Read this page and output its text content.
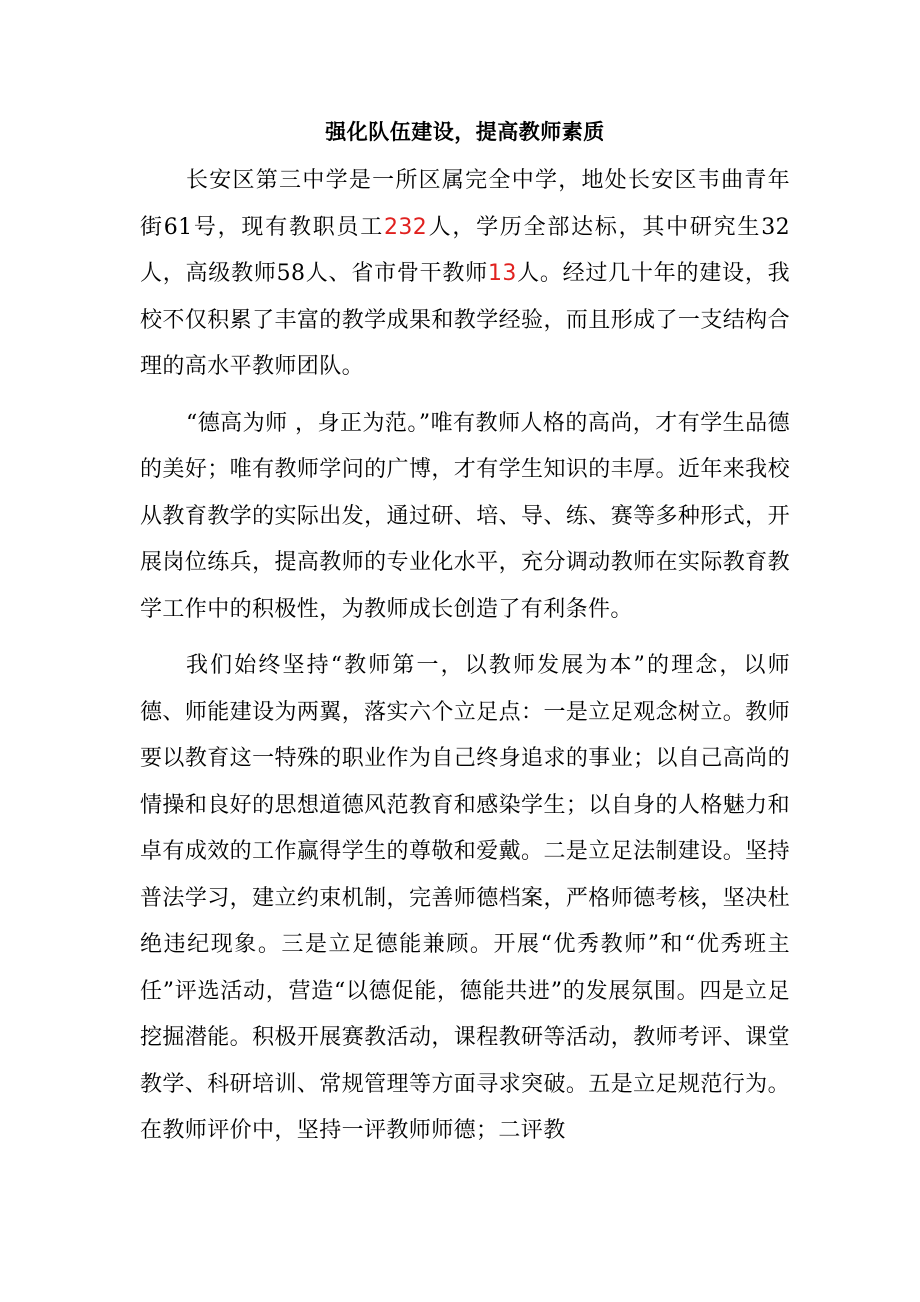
强化队伍建设，提高教师素质

长安区第三中学是一所区属完全中学，地处长安区韦曲青年街61号，现有教职员工232人，学历全部达标，其中研究生32人，高级教师58人、省市骨干教师13人。经过几十年的建设，我校不仅积累了丰富的教学成果和教学经验，而且形成了一支结构合理的高水平教师团队。

“德高为师 ，身正为范。”唯有教师人格的高尚，才有学生品德的美好；唯有教师学问的广博，才有学生知识的丰厚。近年来我校从教育教学的实际出发，通过研、培、导、练、赛等多种形式，开展岗位练兵，提高教师的专业化水平，充分调动教师在实际教育教学工作中的积极性，为教师成长创造了有利条件。

我们始终坚持“教师第一，以教师发展为本”的理念，以师德、师能建设为两翼，落实六个立足点：一是立足观念树立。教师要以教育这一特殊的职业作为自己终身追求的事业；以自己高尚的情操和良好的思想道德风范教育和感染学生；以自身的人格魅力和卓有成效的工作赢得学生的尊敬和爱戴。二是立足法制建设。坚持普法学习，建立约束机制，完善师德档案，严格师德考核，坚决杜绝违纪现象。三是立足德能兼顾。开展“优秀教师”和“优秀班主任”评选活动，营造“以德促能，德能共进”的发展氛围。四是立足挖掘潜能。积极开展赛教活动，课程教研等活动，教师考评、课堂教学、科研培训、常规管理等方面寻求突破。五是立足规范行为。在教师评价中，坚持一评教师师德；二评教
